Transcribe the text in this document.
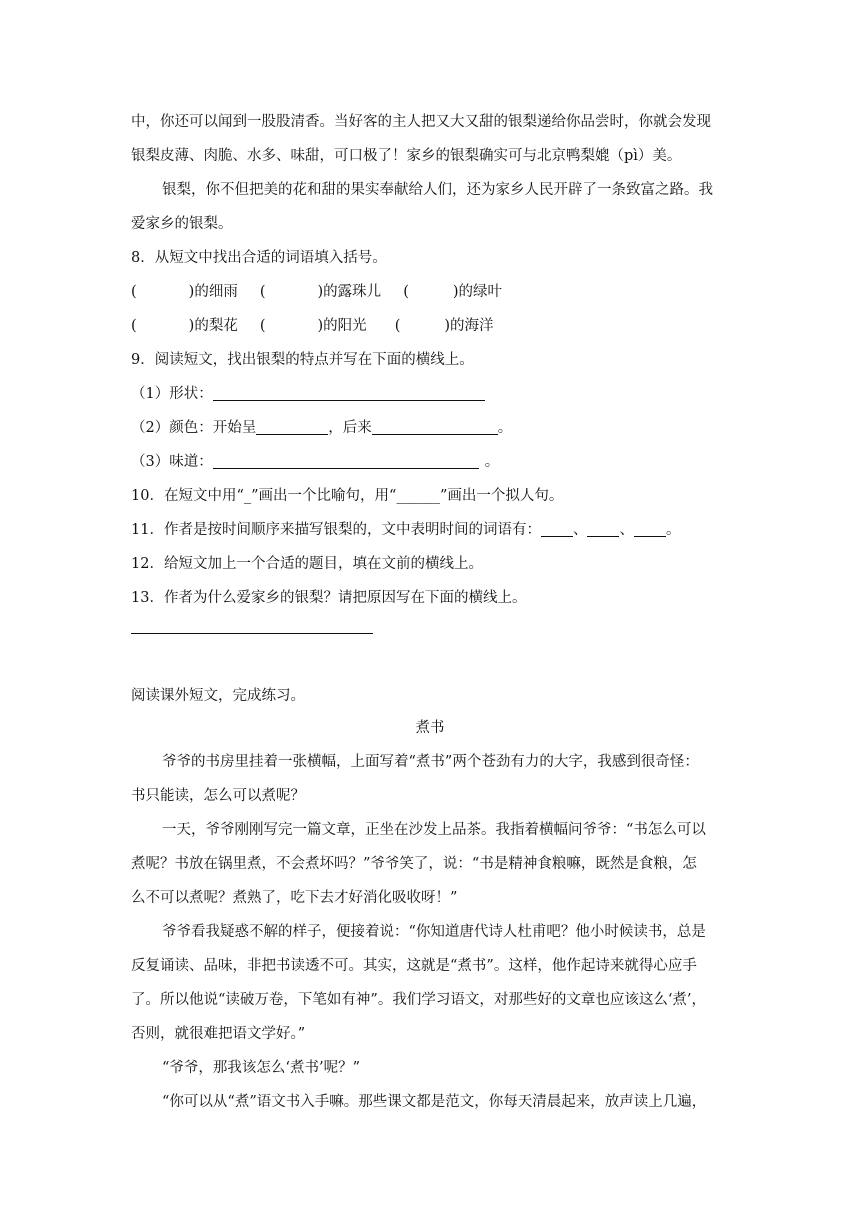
中，你还可以闻到一股股清香。当好客的主人把又大又甜的银梨递给你品尝时，你就会发现
银梨皮薄、肉脆、水多、味甜，可口极了！家乡的银梨确实可与北京鸭梨媲（pì）美。
银梨，你不但把美的花和甜的果实奉献给人们，还为家乡人民开辟了一条致富之路。我
爱家乡的银梨。
8．从短文中找出合适的词语填入括号。
(	)的细雨 (	)的露珠儿 (	)的绿叶
(	)的梨花 (	)的阳光 (	)的海洋
9．阅读短文，找出银梨的特点并写在下面的横线上。
（1）形状：
（2）颜色：开始呈	，后来	。
（3）味道：	。
10．在短文中用“_”画出一个比喻句，用“______”画出一个拟人句。
11．作者是按时间顺序来描写银梨的，文中表明时间的词语有： 、 、 。
12．给短文加上一个合适的题目，填在文前的横线上。
13．作者为什么爱家乡的银梨？请把原因写在下面的横线上。
阅读课外短文，完成练习。
煮书
爷爷的书房里挂着一张横幅，上面写着“煮书”两个苍劲有力的大字，我感到很奇怪：
书只能读，怎么可以煮呢？
一天，爷爷刚刚写完一篇文章，正坐在沙发上品茶。我指着横幅问爷爷：“书怎么可以
煮呢？书放在锅里煮，不会煮坏吗？”爷爷笑了，说：“书是精神食粮嘛，既然是食粮，怎
么不可以煮呢？煮熟了，吃下去才好消化吸收呀！”
爷爷看我疑惑不解的样子，便接着说：“你知道唐代诗人杜甫吧？他小时候读书，总是
反复诵读、品味，非把书读透不可。其实，这就是“煮书”。这样，他作起诗来就得心应手
了。所以他说“读破万卷，下笔如有神”。我们学习语文，对那些好的文章也应该这么‘煮’，
否则，就很难把语文学好。”
“爷爷，那我该怎么‘煮书’呢？”
“你可以从“煮”语文书入手嘛。那些课文都是范文，你每天清晨起来，放声读上几遍，
